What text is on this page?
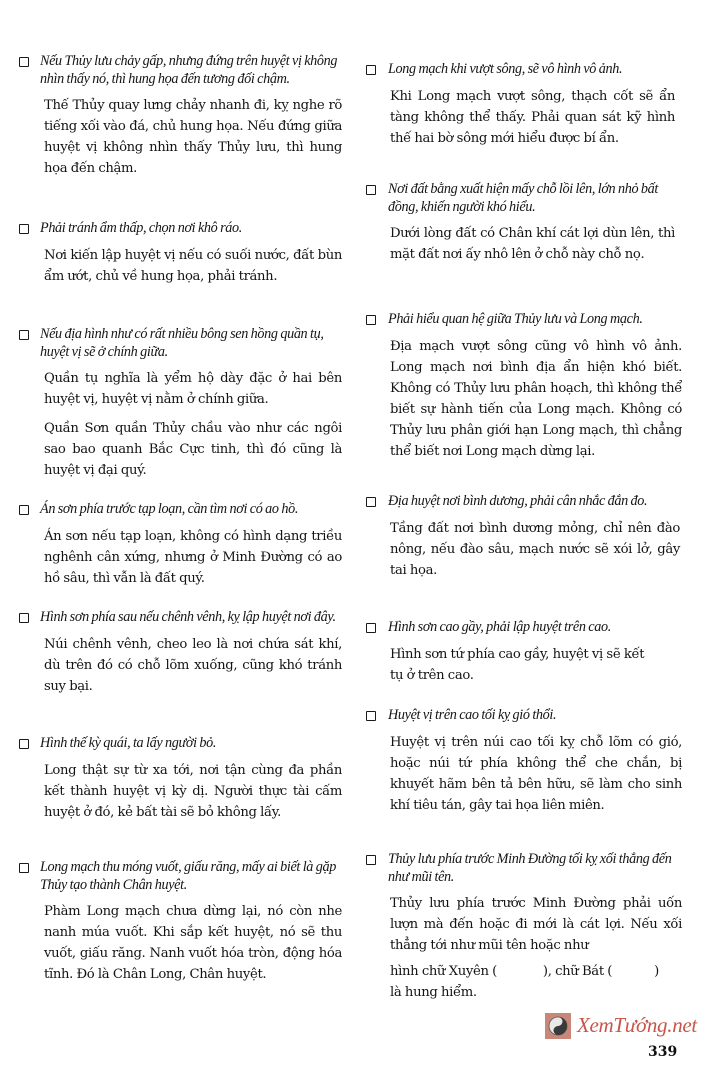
Nếu Thủy lưu chảy gấp, nhưng đứng trên huyệt vị không nhìn thấy nó, thì hung họa đến tương đối chậm.

Thế Thủy quay lưng chảy nhanh đi, kỵ nghe rõ tiếng xối vào đá, chủ hung họa. Nếu đứng giữa huyệt vị không nhìn thấy Thủy lưu, thì hung họa đến chậm.

Phải tránh ẩm thấp, chọn nơi khô ráo.

Nơi kiến lập huyệt vị nếu có suối nước, đất bùn ẩm ướt, chủ về hung họa, phải tránh.

Nếu địa hình như có rất nhiều bông sen hồng quần tụ, huyệt vị sẽ ở chính giữa.

Quần tụ nghĩa là yểm hộ dày đặc ở hai bên huyệt vị, huyệt vị nằm ở chính giữa.

Quần Sơn quần Thủy chầu vào như các ngôi sao bao quanh Bắc Cực tinh, thì đó cũng là huyệt vị đại quý.

Án sơn phía trước tạp loạn, cần tìm nơi có ao hồ.

Án sơn nếu tạp loạn, không có hình dạng triều nghênh cân xứng, nhưng ở Minh Đường có ao hồ sâu, thì vẫn là đất quý.

Hình sơn phía sau nếu chênh vênh, kỵ lập huyệt nơi đây.

Núi chênh vênh, cheo leo là nơi chứa sát khí, dù trên đó có chỗ lõm xuống, cũng khó tránh suy bại.

Hình thế kỳ quái, ta lấy người bỏ.

Long thật sự từ xa tới, nơi tận cùng đa phần kết thành huyệt vị kỳ dị. Người thực tài cấm huyệt ở đó, kẻ bất tài sẽ bỏ không lấy.

Long mạch thu móng vuốt, giấu răng, mấy ai biết là gặp Thủy tạo thành Chân huyệt.

Phàm Long mạch chưa dừng lại, nó còn nhe nanh múa vuốt. Khi sắp kết huyệt, nó sẽ thu vuốt, giấu răng. Nanh vuốt hóa tròn, động hóa tĩnh. Đó là Chân Long, Chân huyệt.

Long mạch khi vượt sông, sẽ vô hình vô ảnh.

Khi Long mạch vượt sông, thạch cốt sẽ ẩn tàng không thể thấy. Phải quan sát kỹ hình thế hai bờ sông mới hiểu được bí ẩn.

Nơi đất bằng xuất hiện mấy chỗ lồi lên, lớn nhỏ bất đồng, khiến người khó hiểu.

Dưới lòng đất có Chân khí cát lợi dùn lên, thì mặt đất nơi ấy nhô lên ở chỗ này chỗ nọ.

Phải hiểu quan hệ giữa Thủy lưu và Long mạch.

Địa mạch vượt sông cũng vô hình vô ảnh. Long mạch nơi bình địa ẩn hiện khó biết. Không có Thủy lưu phân hoạch, thì không thể biết sự hành tiến của Long mạch. Không có Thủy lưu phân giới hạn Long mạch, thì chẳng thể biết nơi Long mạch dừng lại.

Địa huyệt nơi bình dương, phải cân nhắc đắn đo.

Tầng đất nơi bình dương mỏng, chỉ nên đào nông, nếu đào sâu, mạch nước sẽ xói lở, gây tai họa.

Hình sơn cao gầy, phải lập huyệt trên cao.

Hình sơn tứ phía cao gầy, huyệt vị sẽ kết tụ ở trên cao.

Huyệt vị trên cao tối kỵ gió thổi.

Huyệt vị trên núi cao tối kỵ chỗ lõm có gió, hoặc núi tứ phía không thể che chắn, bị khuyết hãm bên tả bên hữu, sẽ làm cho sinh khí tiêu tán, gây tai họa liên miên.

Thủy lưu phía trước Minh Đường tối kỵ xối thẳng đến như mũi tên.

Thủy lưu phía trước Minh Đường phải uốn lượn mà đến hoặc đi mới là cát lợi. Nếu xối thẳng tới như mũi tên hoặc như

hình chữ Xuyên (	), chữ Bát (	)

là hung hiểm.

XemTướng.net
339
